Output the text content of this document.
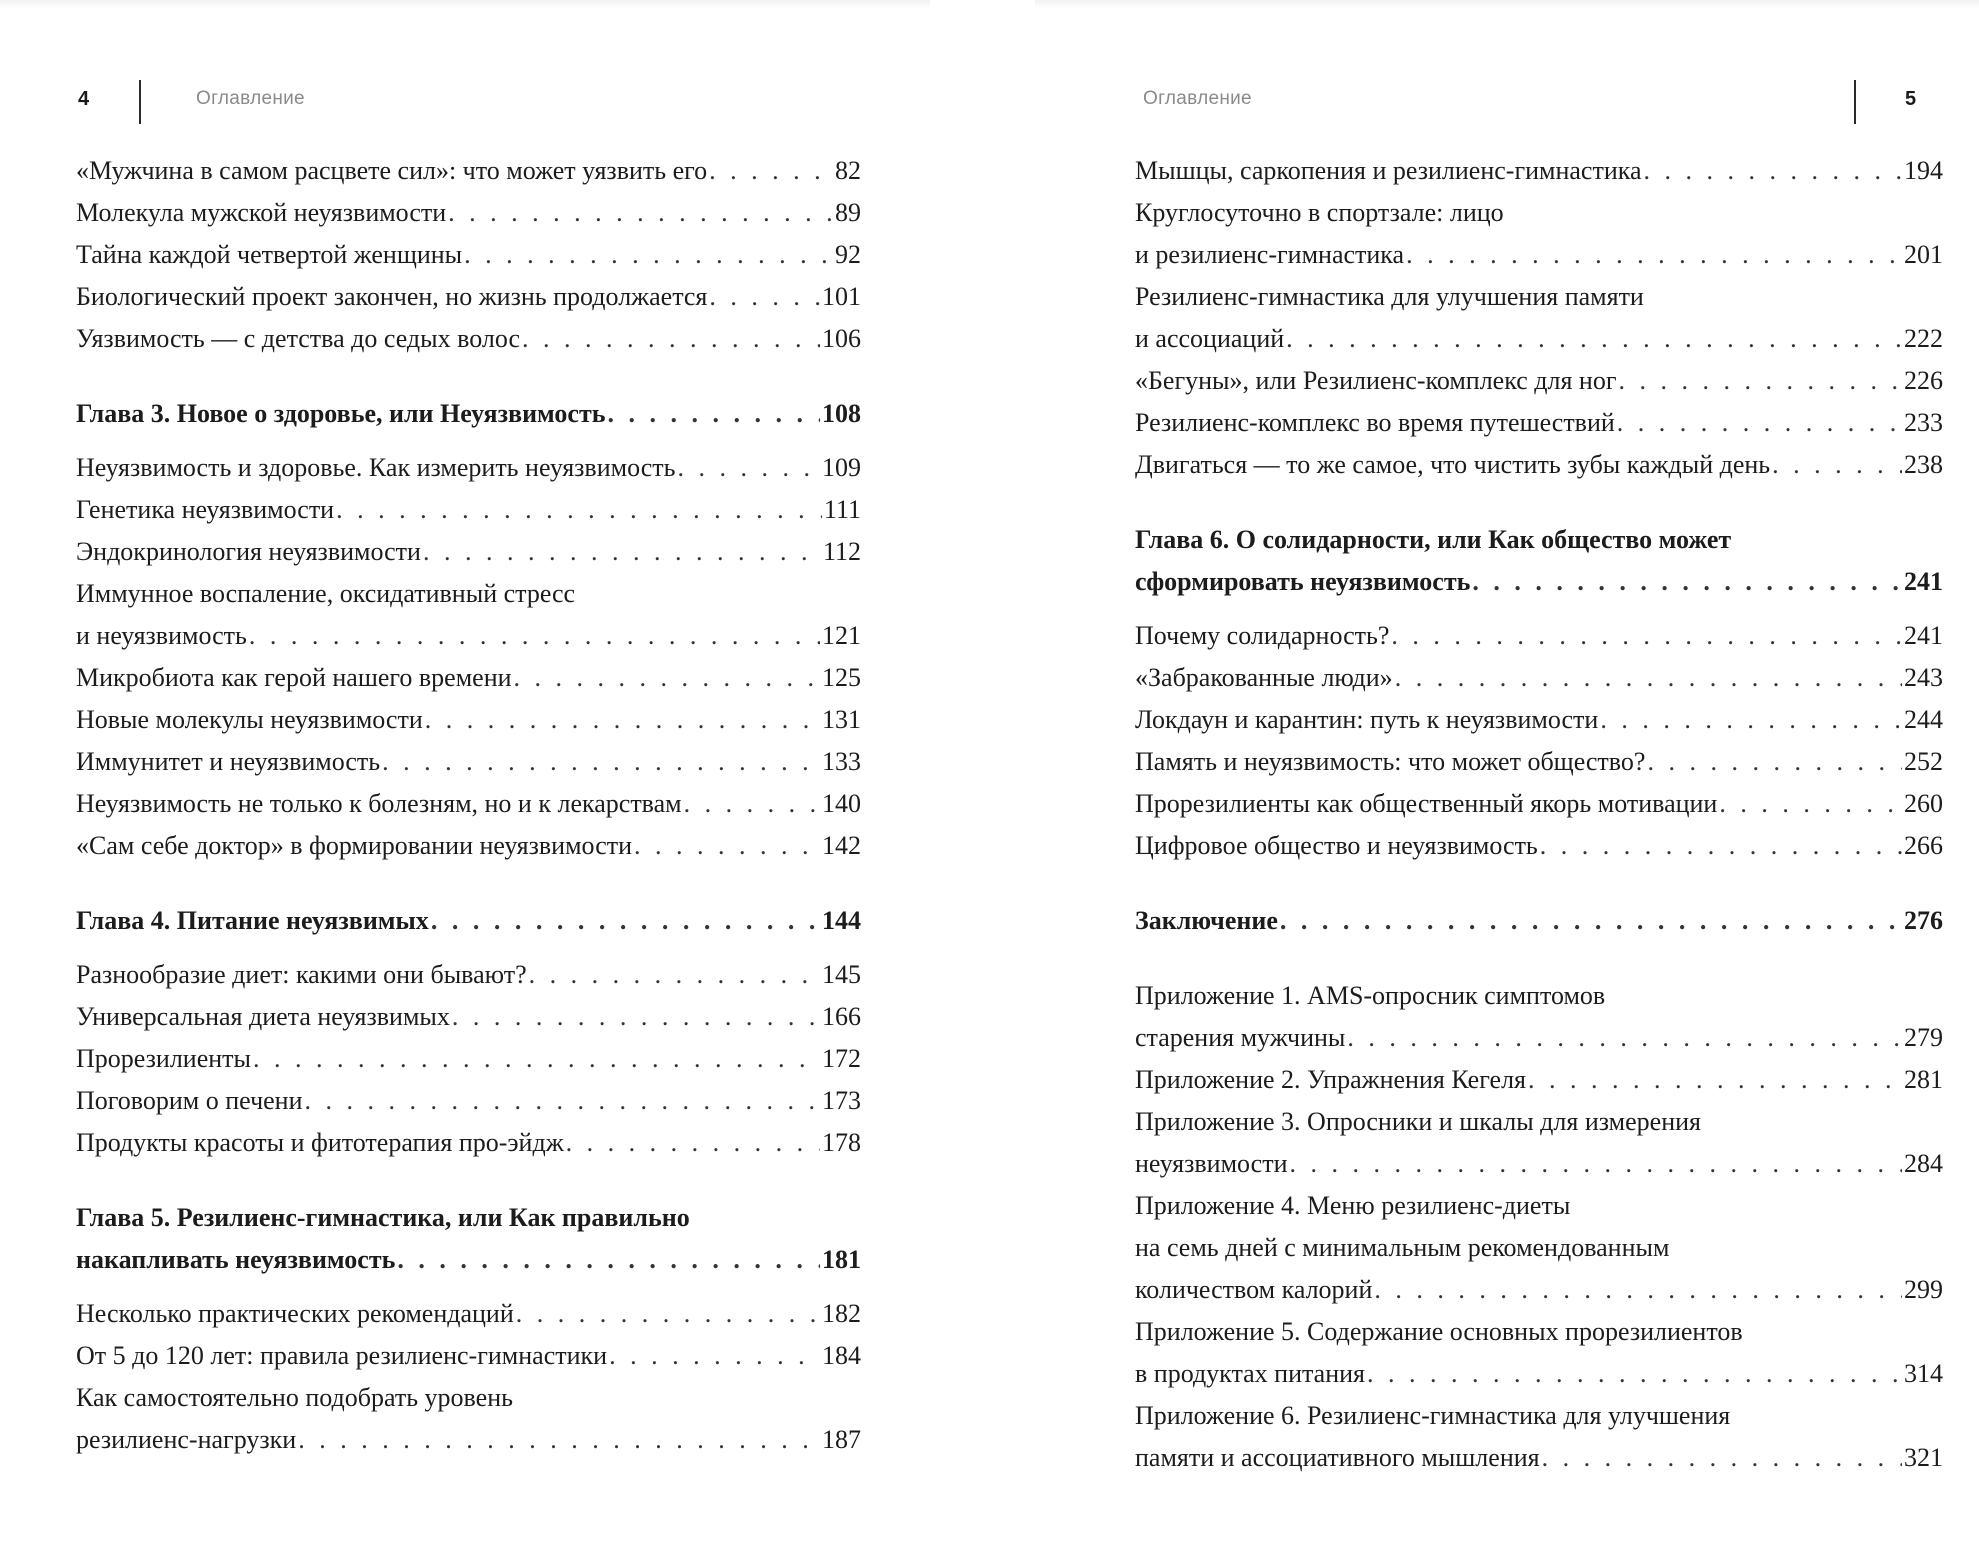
4	Оглавление
«Мужчина в самом расцвете сил»: что может уязвить его . . .	82
Молекула мужской неуязвимости . . .	89
Тайна каждой четвертой женщины . . .	92
Биологический проект закончен, но жизнь продолжается . . .	101
Уязвимость — с детства до седых волос . . .	106
Глава 3. Новое о здоровье, или Неуязвимость . . .	108
Неуязвимость и здоровье. Как измерить неуязвимость . . .	109
Генетика неуязвимости . . .	111
Эндокринология неуязвимости . . .	112
Иммунное воспаление, оксидативный стресс
и неуязвимость . . .	121
Микробиота как герой нашего времени . . .	125
Новые молекулы неуязвимости . . .	131
Иммунитет и неуязвимость . . .	133
Неуязвимость не только к болезням, но и к лекарствам . . .	140
«Сам себе доктор» в формировании неуязвимости . . .	142
Глава 4. Питание неуязвимых . . .	144
Разнообразие диет: какими они бывают? . . .	145
Универсальная диета неуязвимых . . .	166
Прорезилиенты . . .	172
Поговорим о печени . . .	173
Продукты красоты и фитотерапия про-эйдж . . .	178
Глава 5. Резилиенс-гимнастика, или Как правильно
накапливать неуязвимость . . .	181
Несколько практических рекомендаций . . .	182
От 5 до 120 лет: правила резилиенс-гимнастики . . .	184
Как самостоятельно подобрать уровень
резилиенс-нагрузки . . .	187
Оглавление	5
Мышцы, саркопения и резилиенс-гимнастика . . .	194
Круглосуточно в спортзале: лицо
и резилиенс-гимнастика . . .	201
Резилиенс-гимнастика для улучшения памяти
и ассоциаций . . .	222
«Бегуны», или Резилиенс-комплекс для ног . . .	226
Резилиенс-комплекс во время путешествий . . .	233
Двигаться — то же самое, что чистить зубы каждый день . . .	238
Глава 6. О солидарности, или Как общество может
сформировать неуязвимость . . .	241
Почему солидарность? . . .	241
«Забракованные люди» . . .	243
Локдаун и карантин: путь к неуязвимости . . .	244
Память и неуязвимость: что может общество? . . .	252
Прорезилиенты как общественный якорь мотивации . . .	260
Цифровое общество и неуязвимость . . .	266
Заключение . . .	276
Приложение 1. AMS-опросник симптомов
старения мужчины . . .	279
Приложение 2. Упражнения Кегеля . . .	281
Приложение 3. Опросники и шкалы для измерения
неуязвимости . . .	284
Приложение 4. Меню резилиенс-диеты
на семь дней с минимальным рекомендованным
количеством калорий . . .	299
Приложение 5. Содержание основных прорезилиентов
в продуктах питания . . .	314
Приложение 6. Резилиенс-гимнастика для улучшения
памяти и ассоциативного мышления . . .	321
